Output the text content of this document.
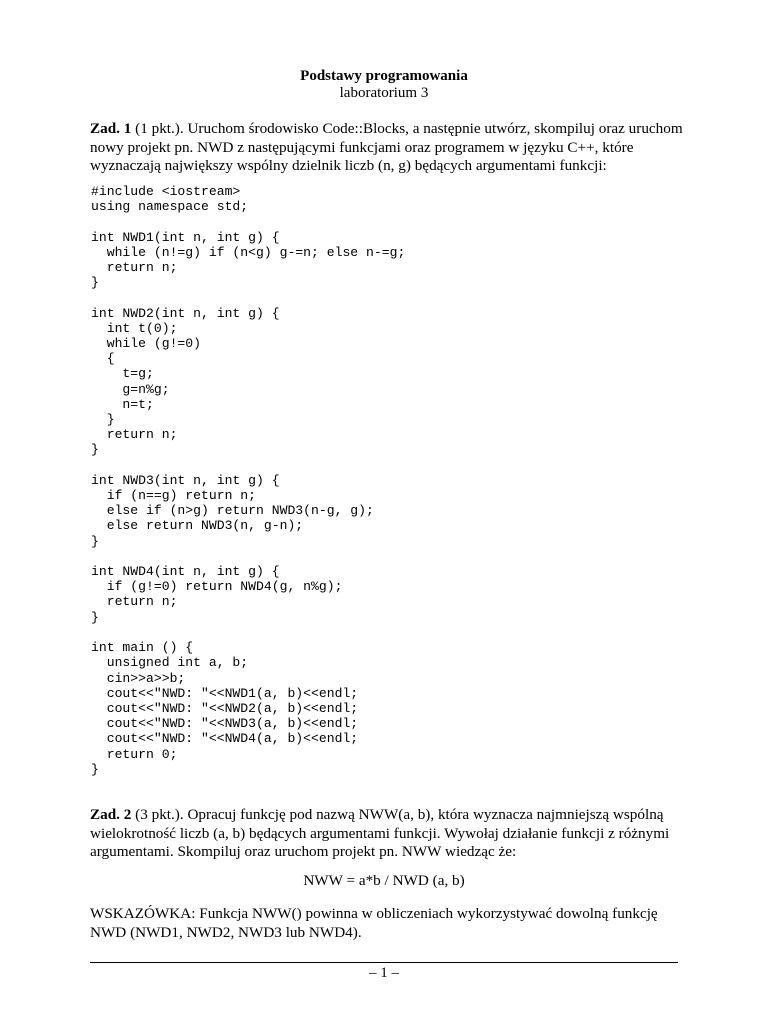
Podstawy programowania
laboratorium 3
Zad. 1 (1 pkt.). Uruchom środowisko Code::Blocks, a następnie utwórz, skompiluj oraz uruchom nowy projekt pn. NWD z następującymi funkcjami oraz programem w języku C++, które wyznaczają największy wspólny dzielnik liczb (n, g) będących argumentami funkcji:
#include <iostream>
using namespace std;

int NWD1(int n, int g) {
while (n!=g) if (n<g) g-=n; else n-=g;
return n;
}

int NWD2(int n, int g) {
int t(0);
while (g!=0)
{
t=g;
g=n%g;
n=t;
}
return n;
}

int NWD3(int n, int g) {
if (n==g) return n;
else if (n>g) return NWD3(n-g, g);
else return NWD3(n, g-n);
}

int NWD4(int n, int g) {
if (g!=0) return NWD4(g, n%g);
return n;
}

int main () {
unsigned int a, b;
cin>>a>>b;
cout<<"NWD: "<<NWD1(a, b)<<endl;
cout<<"NWD: "<<NWD2(a, b)<<endl;
cout<<"NWD: "<<NWD3(a, b)<<endl;
cout<<"NWD: "<<NWD4(a, b)<<endl;
return 0;
}

Zad. 2 (3 pkt.). Opracuj funkcję pod nazwą NWW(a, b), która wyznacza najmniejszą wspólną wielokrotność liczb (a, b) będących argumentami funkcji. Wywołaj działanie funkcji z różnymi argumentami. Skompiluj oraz uruchom projekt pn. NWW wiedząc że:
NWW = a*b / NWD (a, b)
WSKAZÓWKA: Funkcja NWW() powinna w obliczeniach wykorzystywać dowolną funkcję NWD (NWD1, NWD2, NWD3 lub NWD4).
– 1 –
